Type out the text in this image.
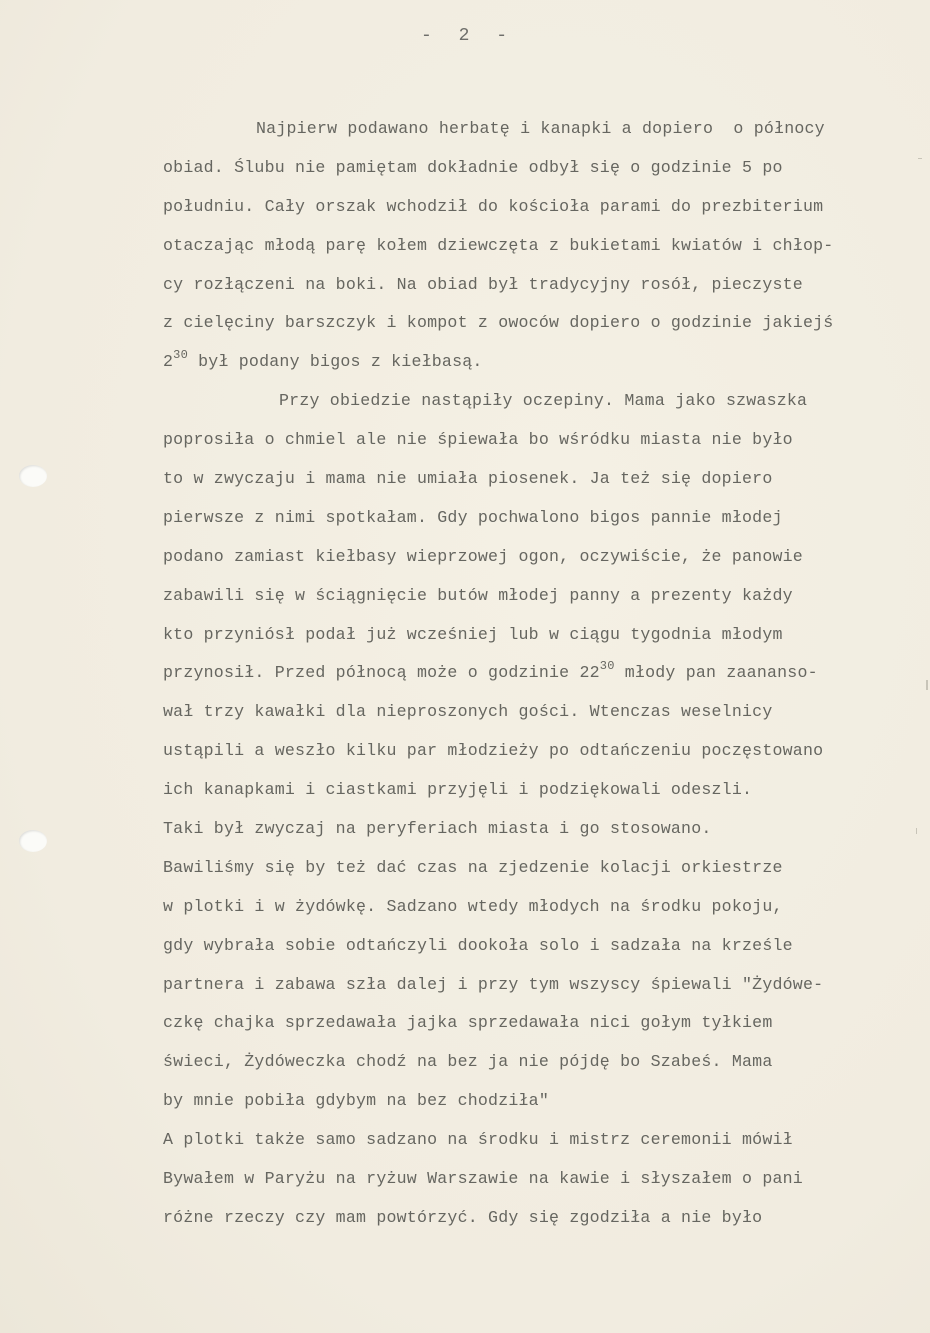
- 2 -
Najpierw podawano herbatę i kanapki a dopiero  o północy
obiad. Ślubu nie pamiętam dokładnie odbył się o godzinie 5 po
południu. Cały orszak wchodził do kościoła parami do prezbiterium
otaczając młodą parę kołem dziewczęta z bukietami kwiatów i chłop-
cy rozłączeni na boki. Na obiad był tradycyjny rosół, pieczyste
z cielęciny barszczyk i kompot z owoców dopiero o godzinie jakiejś
$2^{30}$ był podany bigos z kiełbasą.
Przy obiedzie nastąpiły oczepiny. Mama jako szwaszka
poprosiła o chmiel ale nie śpiewała bo wśródku miasta nie było
to w zwyczaju i mama nie umiała piosenek. Ja też się dopiero
pierwsze z nimi spotkałam. Gdy pochwalono bigos pannie młodej
podano zamiast kiełbasy wieprzowej ogon, oczywiście, że panowie
zabawili się w ściągnięcie butów młodej panny a prezenty każdy
kto przyniósł podał już wcześniej lub w ciągu tygodnia młodym
przynosił. Przed północą może o godzinie $22^{30}$ młody pan zaananso-
wał trzy kawałki dla nieproszonych gości. Wtenczas weselnicy
ustąpili a weszło kilku par młodzieży po odtańczeniu poczęstowano
ich kanapkami i ciastkami przyjęli i podziękowali odeszli.
Taki był zwyczaj na peryferiach miasta i go stosowano.
Bawiliśmy się by też dać czas na zjedzenie kolacji orkiestrze
w plotki i w żydówkę. Sadzano wtedy młodych na środku pokoju,
gdy wybrała sobie odtańczyli dookoła solo i sadzała na krześle
partnera i zabawa szła dalej i przy tym wszyscy śpiewali "Żydówe-
czkę chajka sprzedawała jajka sprzedawała nici gołym tyłkiem
świeci, Żydóweczka chodź na bez ja nie pójdę bo Szabeś. Mama
by mnie pobiła gdybym na bez chodziła"
A plotki także samo sadzano na środku i mistrz ceremonii mówił
Bywałem w Paryżu na ryżuw Warszawie na kawie i słyszałem o pani
różne rzeczy czy mam powtórzyć. Gdy się zgodziła a nie było
